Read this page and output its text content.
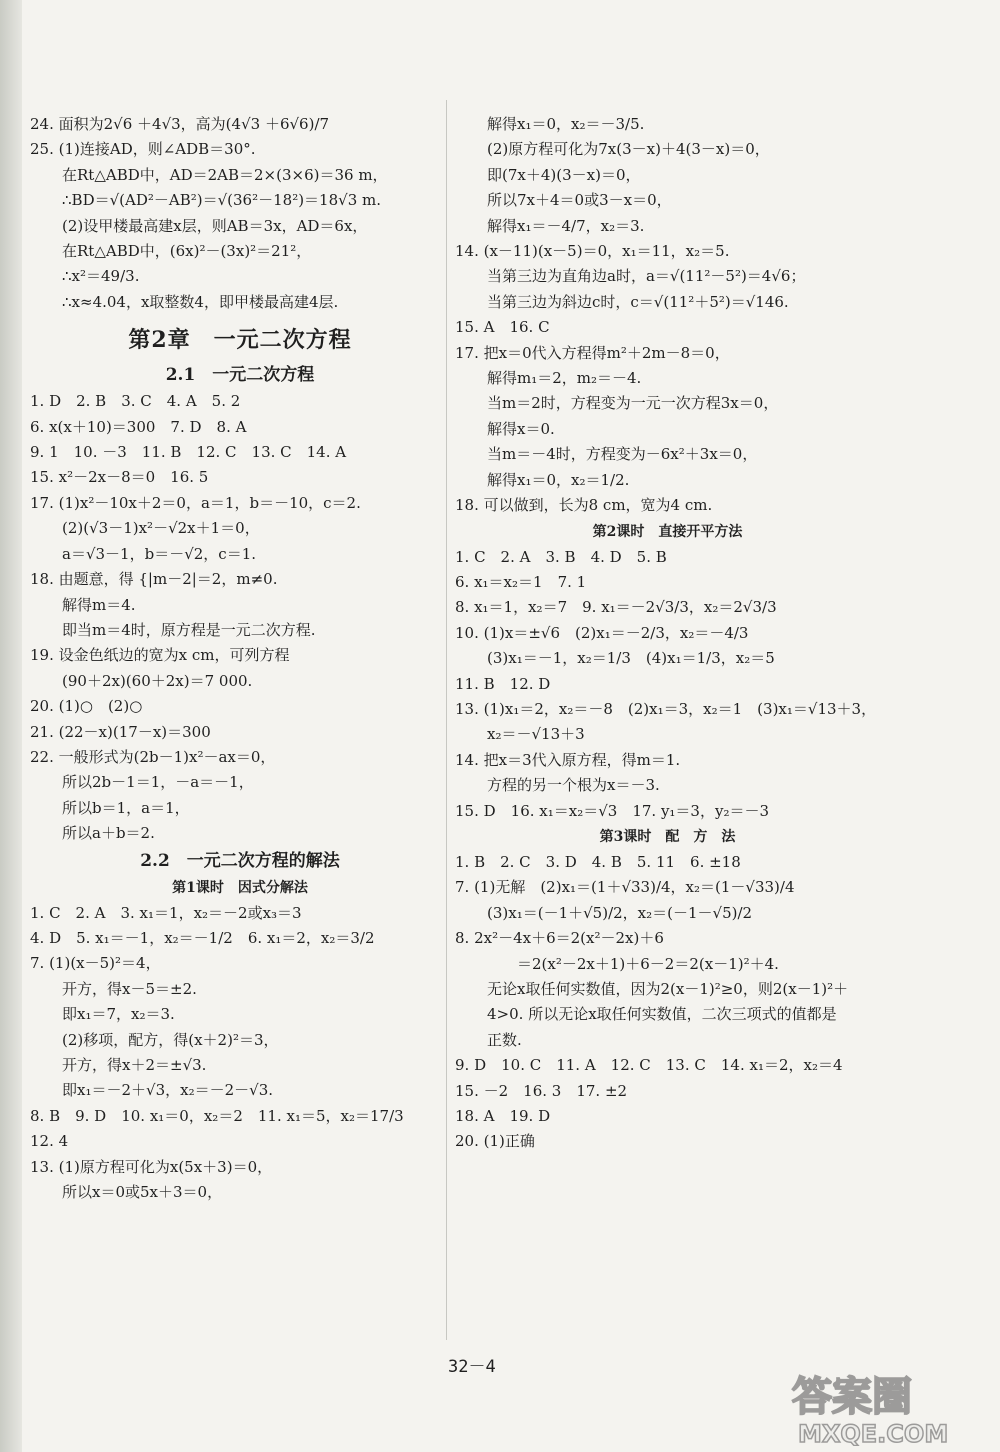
24. 面积为2√6 ＋4√3，高为(4√3 ＋6√6)/7
25. (1)连接AD，则∠ADB＝30°.
在Rt△ABD中，AD＝2AB＝2×(3×6)＝36 m，
∴BD＝√(AD²－AB²)＝√(36²－18²)＝18√3 m.
(2)设甲楼最高建x层，则AB＝3x，AD＝6x，
在Rt△ABD中，(6x)²－(3x)²＝21²，
∴x²＝49/3.
∴x≈4.04，x取整数4，即甲楼最高建4层.
第2章　一元二次方程
2.1　一元二次方程
1. D　2. B　3. C　4. A　5. 2
6. x(x＋10)＝300　7. D　8. A
9. 1　10. －3　11. B　12. C　13. C　14. A
15. x²－2x－8＝0　16. 5
17. (1)x²－10x＋2＝0，a＝1，b＝－10，c＝2.
(2)(√3－1)x²－√2x＋1＝0，
a＝√3－1，b＝－√2，c＝1.
18. 由题意，得 {|m－2|＝2，m≠0.
解得m＝4.
即当m＝4时，原方程是一元二次方程.
19. 设金色纸边的宽为x cm，可列方程
(90＋2x)(60＋2x)＝7 000.
20. (1)○　(2)○
21. (22－x)(17－x)＝300
22. 一般形式为(2b－1)x²－ax＝0，
所以2b－1＝1，－a＝－1，
所以b＝1，a＝1，
所以a＋b＝2.
2.2　一元二次方程的解法
第1课时　因式分解法
1. C　2. A　3. x₁＝1，x₂＝－2或x₃＝3
4. D　5. x₁＝－1，x₂＝－1/2　6. x₁＝2，x₂＝3/2
7. (1)(x－5)²＝4，
开方，得x－5＝±2.
即x₁＝7，x₂＝3.
(2)移项，配方，得(x＋2)²＝3，
开方，得x＋2＝±√3.
即x₁＝－2＋√3，x₂＝－2－√3.
8. B　9. D　10. x₁＝0，x₂＝2　11. x₁＝5，x₂＝17/3
12. 4
13. (1)原方程可化为x(5x＋3)＝0，
所以x＝0或5x＋3＝0，
解得x₁＝0，x₂＝－3/5.
(2)原方程可化为7x(3－x)＋4(3－x)＝0，
即(7x＋4)(3－x)＝0，
所以7x＋4＝0或3－x＝0，
解得x₁＝－4/7，x₂＝3.
14. (x－11)(x－5)＝0，x₁＝11，x₂＝5.
当第三边为直角边a时，a＝√(11²－5²)＝4√6；
当第三边为斜边c时，c＝√(11²＋5²)＝√146.
15. A　16. C
17. 把x＝0代入方程得m²＋2m－8＝0，
解得m₁＝2，m₂＝－4.
当m＝2时，方程变为一元一次方程3x＝0，
解得x＝0.
当m＝－4时，方程变为－6x²＋3x＝0，
解得x₁＝0，x₂＝1/2.
18. 可以做到，长为8 cm，宽为4 cm.
第2课时　直接开平方法
1. C　2. A　3. B　4. D　5. B
6. x₁＝x₂＝1　7. 1
8. x₁＝1，x₂＝7　9. x₁＝－2√3/3，x₂＝2√3/3
10. (1)x＝±√6　(2)x₁＝－2/3，x₂＝－4/3
(3)x₁＝－1，x₂＝1/3　(4)x₁＝1/3，x₂＝5
11. B　12. D
13. (1)x₁＝2，x₂＝－8　(2)x₁＝3，x₂＝1　(3)x₁＝√13＋3，
x₂＝－√13＋3
14. 把x＝3代入原方程，得m＝1.
方程的另一个根为x＝－3.
15. D　16. x₁＝x₂＝√3　17. y₁＝3，y₂＝－3
第3课时　配　方　法
1. B　2. C　3. D　4. B　5. 11　6. ±18
7. (1)无解　(2)x₁＝(1＋√33)/4，x₂＝(1－√33)/4
(3)x₁＝(－1＋√5)/2，x₂＝(－1－√5)/2
8. 2x²－4x＋6＝2(x²－2x)＋6
　　＝2(x²－2x＋1)＋6－2＝2(x－1)²＋4.
无论x取任何实数值，因为2(x－1)²≥0，则2(x－1)²＋
4>0. 所以无论x取任何实数值，二次三项式的值都是
正数.
9. D　10. C　11. A　12. C　13. C　14. x₁＝2，x₂＝4
15. －2　16. 3　17. ±2
18. A　19. D
20. (1)正确
32－4
答案圈
MXQE.COM
